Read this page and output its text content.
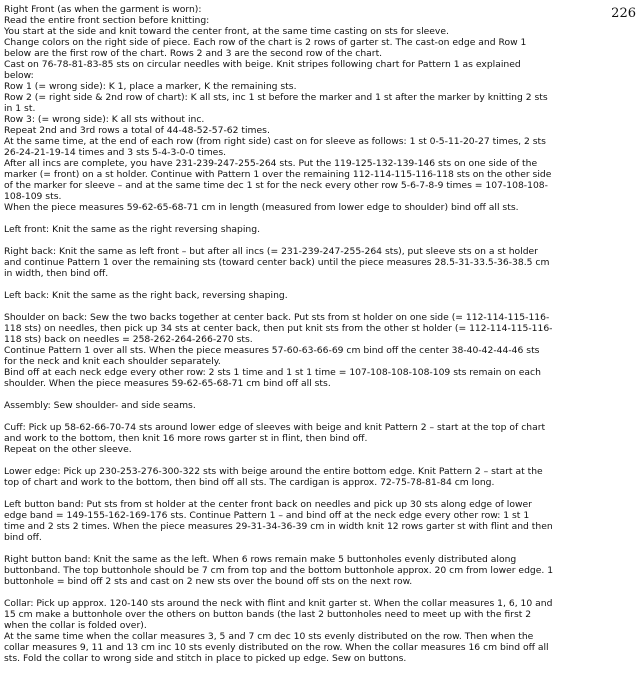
226
Right Front (as when the garment is worn):
Read the entire front section before knitting:
You start at the side and knit toward the center front, at the same time casting on sts for sleeve.
Change colors on the right side of piece. Each row of the chart is 2 rows of garter st. The cast-on edge and Row 1
below are the first row of the chart. Rows 2 and 3 are the second row of the chart.
Cast on 76-78-81-83-85 sts on circular needles with beige. Knit stripes following chart for Pattern 1 as explained
below:
Row 1 (= wrong side): K 1, place a marker, K the remaining sts.
Row 2 (= right side & 2nd row of chart): K all sts, inc 1 st before the marker and 1 st after the marker by knitting 2 sts
in 1 st.
Row 3: (= wrong side): K all sts without inc.
Repeat 2nd and 3rd rows a total of 44-48-52-57-62 times.
At the same time, at the end of each row (from right side) cast on for sleeve as follows: 1 st 0-5-11-20-27 times, 2 sts
26-24-21-19-14 times and 3 sts 5-4-3-0-0 times.
After all incs are complete, you have 231-239-247-255-264 sts. Put the 119-125-132-139-146 sts on one side of the
marker (= front) on a st holder. Continue with Pattern 1 over the remaining 112-114-115-116-118 sts on the other side
of the marker for sleeve – and at the same time dec 1 st for the neck every other row 5-6-7-8-9 times = 107-108-108-
108-109 sts.
When the piece measures 59-62-65-68-71 cm in length (measured from lower edge to shoulder) bind off all sts.
Left front: Knit the same as the right reversing shaping.
Right back: Knit the same as left front – but after all incs (= 231-239-247-255-264 sts), put sleeve sts on a st holder
and continue Pattern 1 over the remaining sts (toward center back) until the piece measures 28.5-31-33.5-36-38.5 cm
in width, then bind off.
Left back: Knit the same as the right back, reversing shaping.
Shoulder on back: Sew the two backs together at center back. Put sts from st holder on one side (= 112-114-115-116-
118 sts) on needles, then pick up 34 sts at center back, then put knit sts from the other st holder (= 112-114-115-116-
118 sts) back on needles = 258-262-264-266-270 sts.
Continue Pattern 1 over all sts. When the piece measures 57-60-63-66-69 cm bind off the center 38-40-42-44-46 sts
for the neck and knit each shoulder separately.
Bind off at each neck edge every other row: 2 sts 1 time and 1 st 1 time = 107-108-108-108-109 sts remain on each
shoulder. When the piece measures 59-62-65-68-71 cm bind off all sts.
Assembly: Sew shoulder- and side seams.
Cuff: Pick up 58-62-66-70-74 sts around lower edge of sleeves with beige and knit Pattern 2 – start at the top of chart
and work to the bottom, then knit 16 more rows garter st in flint, then bind off.
Repeat on the other sleeve.
Lower edge: Pick up 230-253-276-300-322 sts with beige around the entire bottom edge. Knit Pattern 2 – start at the
top of chart and work to the bottom, then bind off all sts. The cardigan is approx. 72-75-78-81-84 cm long.
Left button band: Put sts from st holder at the center front back on needles and pick up 30 sts along edge of lower
edge band = 149-155-162-169-176 sts. Continue Pattern 1 – and bind off at the neck edge every other row: 1 st 1
time and 2 sts 2 times. When the piece measures 29-31-34-36-39 cm in width knit 12 rows garter st with flint and then
bind off.
Right button band: Knit the same as the left. When 6 rows remain make 5 buttonholes evenly distributed along
buttonband. The top buttonhole should be 7 cm from top and the bottom buttonhole approx. 20 cm from lower edge. 1
buttonhole = bind off 2 sts and cast on 2 new sts over the bound off sts on the next row.
Collar: Pick up approx. 120-140 sts around the neck with flint and knit garter st. When the collar measures 1, 6, 10 and
15 cm make a buttonhole over the others on button bands (the last 2 buttonholes need to meet up with the first 2
when the collar is folded over).
At the same time when the collar measures 3, 5 and 7 cm dec 10 sts evenly distributed on the row. Then when the
collar measures 9, 11 and 13 cm inc 10 sts evenly distributed on the row. When the collar measures 16 cm bind off all
sts. Fold the collar to wrong side and stitch in place to picked up edge. Sew on buttons.
